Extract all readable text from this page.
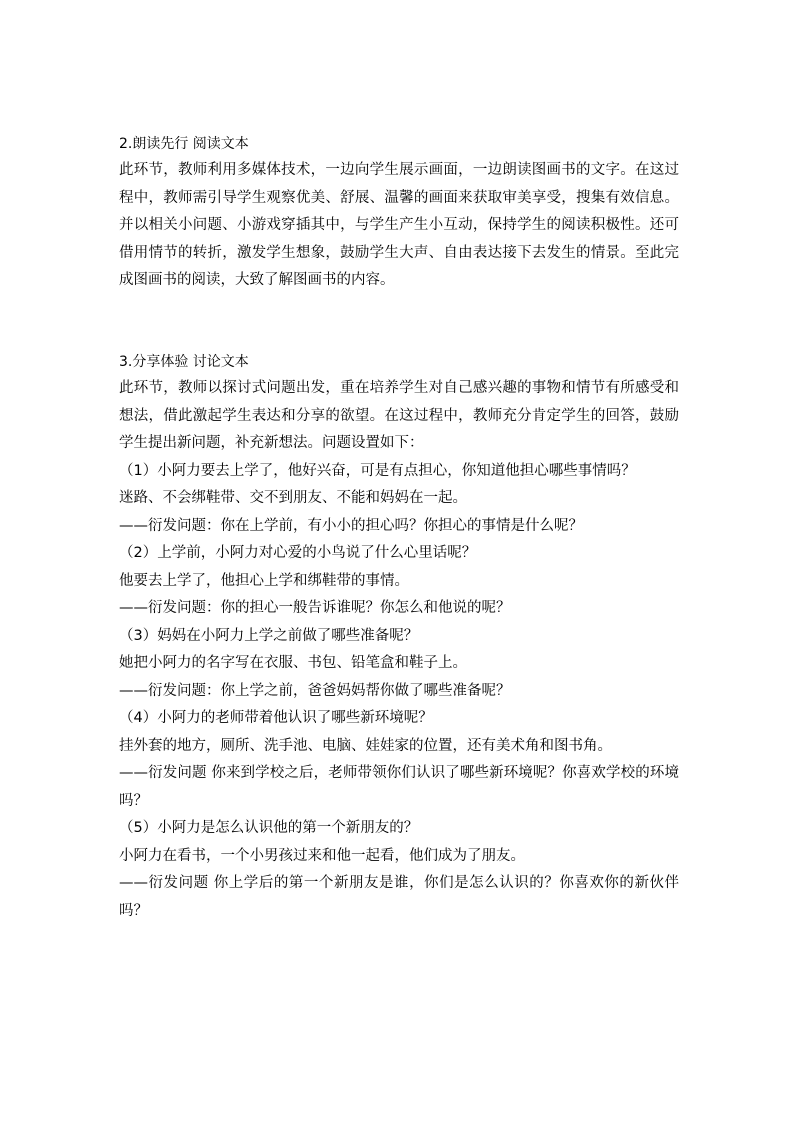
2.朗读先行 阅读文本

此环节，教师利用多媒体技术，一边向学生展示画面，一边朗读图画书的文字。在这过程中，教师需引导学生观察优美、舒展、温馨的画面来获取审美享受，搜集有效信息。并以相关小问题、小游戏穿插其中，与学生产生小互动，保持学生的阅读积极性。还可借用情节的转折，激发学生想象，鼓励学生大声、自由表达接下去发生的情景。至此完成图画书的阅读，大致了解图画书的内容。

3.分享体验 讨论文本

此环节，教师以探讨式问题出发，重在培养学生对自己感兴趣的事物和情节有所感受和想法，借此激起学生表达和分享的欲望。在这过程中，教师充分肯定学生的回答，鼓励学生提出新问题，补充新想法。问题设置如下：

（1）小阿力要去上学了，他好兴奋，可是有点担心，你知道他担心哪些事情吗？

迷路、不会绑鞋带、交不到朋友、不能和妈妈在一起。

——衍发问题：你在上学前，有小小的担心吗？你担心的事情是什么呢？

（2）上学前，小阿力对心爱的小鸟说了什么心里话呢？

他要去上学了，他担心上学和绑鞋带的事情。

——衍发问题：你的担心一般告诉谁呢？你怎么和他说的呢？

（3）妈妈在小阿力上学之前做了哪些准备呢？

她把小阿力的名字写在衣服、书包、铅笔盒和鞋子上。

——衍发问题：你上学之前，爸爸妈妈帮你做了哪些准备呢？

（4）小阿力的老师带着他认识了哪些新环境呢？

挂外套的地方，厕所、洗手池、电脑、娃娃家的位置，还有美术角和图书角。

——衍发问题 你来到学校之后，老师带领你们认识了哪些新环境呢？你喜欢学校的环境吗？

（5）小阿力是怎么认识他的第一个新朋友的？

小阿力在看书，一个小男孩过来和他一起看，他们成为了朋友。

——衍发问题 你上学后的第一个新朋友是谁，你们是怎么认识的？你喜欢你的新伙伴吗？
